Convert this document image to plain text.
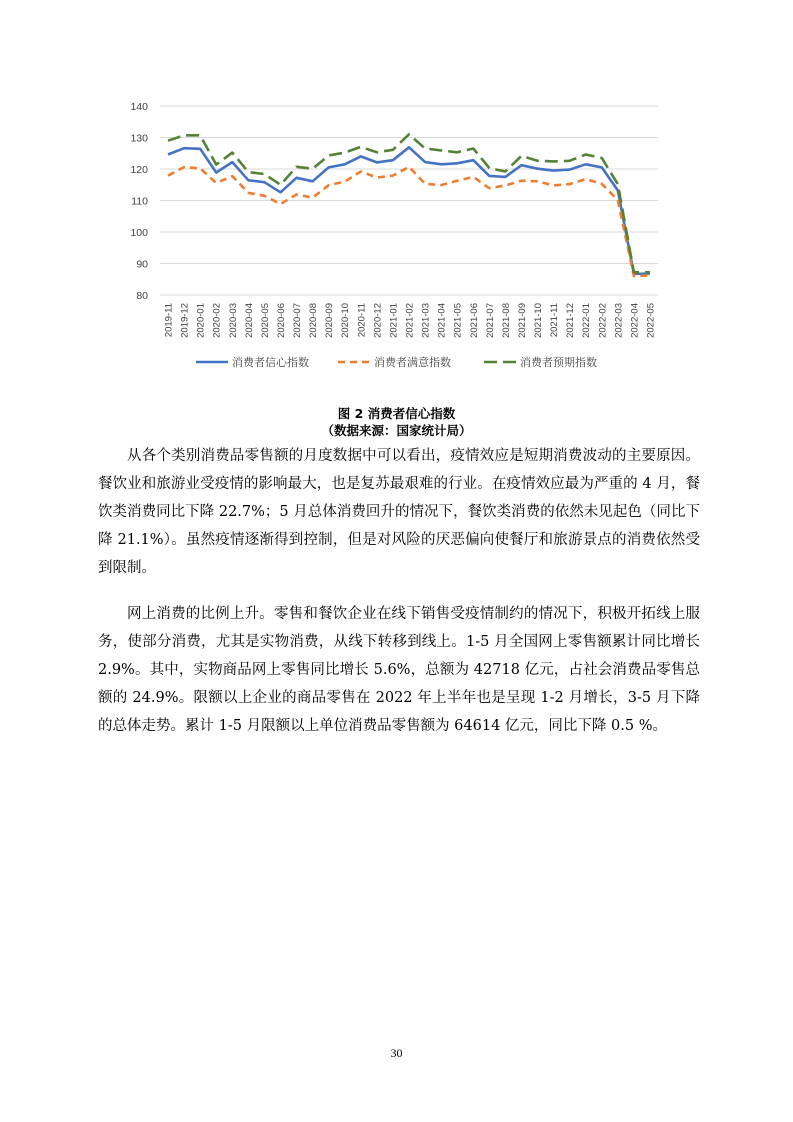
80
90
100
110
120
130
140
2019-11 2019-12 2020-01 2020-02 2020-03 2020-04 2020-05 2020-06 2020-07 2020-08 2020-09 2020-10 2020-11 2020-12 2021-01 2021-02 2021-03 2021-04 2021-05 2021-06 2021-07 2021-08 2021-09 2021-10 2021-11 2021-12 2022-01 2022-02 2022-03 2022-04 2022-05
消费者信心指数	消费者满意指数	消费者预期指数
图 2 消费者信心指数
（数据来源：国家统计局）

从各个类别消费品零售额的月度数据中可以看出，疫情效应是短期消费波动的主要原因。餐饮业和旅游业受疫情的影响最大，也是复苏最艰难的行业。在疫情效应最为严重的 4 月，餐饮类消费同比下降 22.7%；5 月总体消费回升的情况下，餐饮类消费的依然未见起色（同比下降 21.1%）。虽然疫情逐渐得到控制，但是对风险的厌恶偏向使餐厅和旅游景点的消费依然受到限制。

网上消费的比例上升。零售和餐饮企业在线下销售受疫情制约的情况下，积极开拓线上服务，使部分消费，尤其是实物消费，从线下转移到线上。1-5 月全国网上零售额累计同比增长 2.9%。其中，实物商品网上零售同比增长 5.6%，总额为 42718 亿元，占社会消费品零售总额的 24.9%。限额以上企业的商品零售在 2022 年上半年也是呈现 1-2 月增长，3-5 月下降的总体走势。累计 1-5 月限额以上单位消费品零售额为 64614 亿元，同比下降 0.5 %。

30
